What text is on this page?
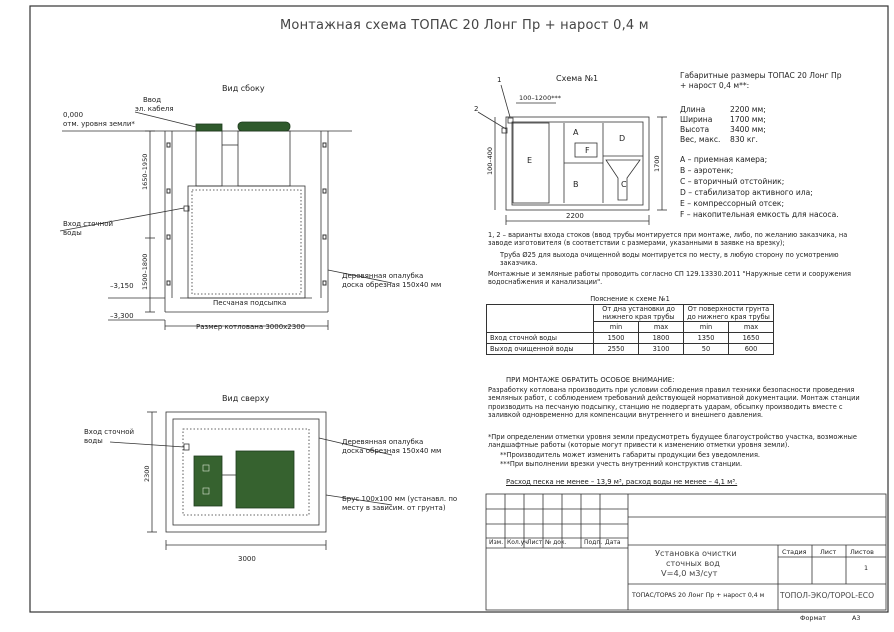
E
A
B
D
C
F
1650–1950
1500–1800
2300
100–400	1700
Монтажная схема ТОПАС 20 Лонг Пр + нарост 0,4 м
Вид сбоку
Ввод
эл. кабеля
0,000
отм. уровня земли*
Вход сточной
воды
–3,150
–3,300
Деревянная опалубка
доска обрезная 150х40 мм
Песчаная подсыпка
Размер котлована 3000х2300
Вид сверху
Вход сточной
воды	Деревянная опалубка
доска обрезная 150х40 мм
Брус 100х100 мм (устанавл. по
месту в зависим. от грунта)
3000
Схема №1
1
2
100–1200***
2200
Габаритные размеры ТОПАС 20 Лонг Пр
+ нарост 0,4 м**:
Длина	2200 мм;
Ширина 1700 мм;
Высота	3400 мм;
Вес, макс. 830 кг.
А – приемная камера;
В – аэротенк;
С – вторичный отстойник;
D – стабилизатор активного ила;
Е – компрессорный отсек;
F – накопительная емкость для насоса.
1, 2 – варианты входа стоков (ввод трубы монтируется при монтаже, либо, по желанию заказчика, на заводе изготовителя (в соответствии с размерами, указанными в заявке на врезку);
Труба Ø25 для выхода очищенной воды монтируется по месту, в любую сторону по усмотрению заказчика.
Монтажные и земляные работы проводить согласно СП 129.13330.2011 "Наружные сети и сооружения водоснабжения и канализации".
Пояснение к схеме №1				
	От дна установки до
нижнего края трубы		От поверхности грунта
до нижнего края трубы	
	min	max	min	max
Вход сточной воды	1500	1800	1350	1650
Выход очищенной воды	2550	3100	50	600
ПРИ МОНТАЖЕ ОБРАТИТЬ ОСОБОЕ ВНИМАНИЕ:
Разработку котлована производить при условии соблюдения правил техники безопасности проведения земляных работ, с соблюдением требований действующей нормативной документации. Монтаж станции производить на песчаную подсыпку, станцию не подвергать ударам, обсыпку производить вместе с заливкой одновременно для компенсации внутреннего и внешнего давления.
*При определении отметки уровня земли предусмотреть будущее благоустройство участка, возможные ландшафтные работы (которые могут привести к изменению отметки уровня земли).
**Производитель может изменить габариты продукции без уведомления.
***При выполнении врезки учесть внутренний конструктив станции.
Расход песка не менее – 13,9 м³, расход воды не менее – 4,1 м³.
Изм. Кол.уч Лист № док.	Подп. Дата
Установка очистки
сточных вод
V=4,0 м3/сут
Стадия Лист Листов
1
ТОПАС/TOPAS 20 Лонг Пр + нарост 0,4 м ТОПОЛ-ЭКО/TOPOL-ECO
Формат	А3
